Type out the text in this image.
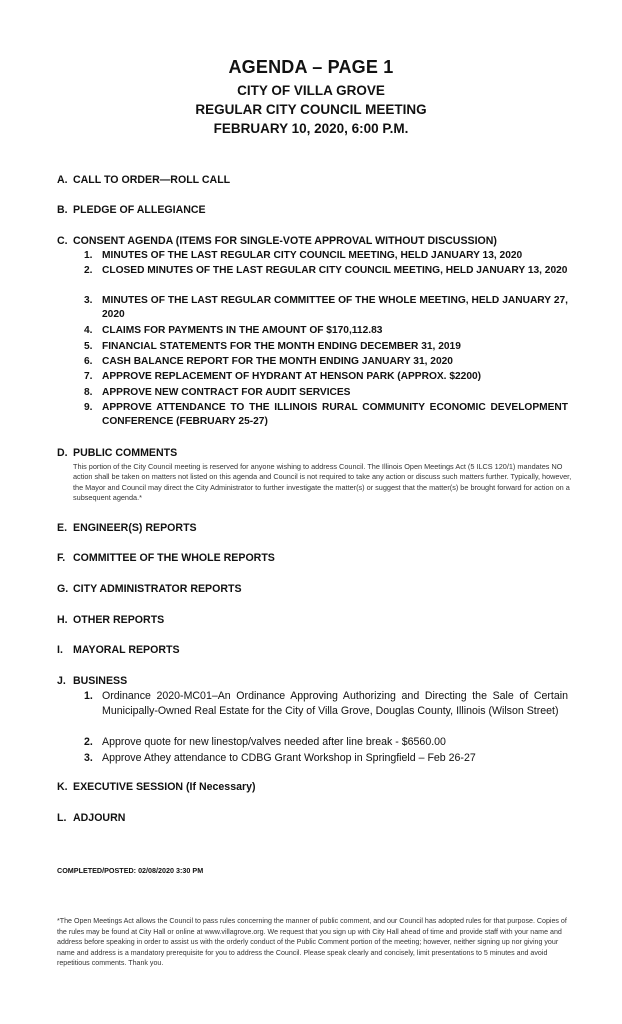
AGENDA – PAGE 1
CITY OF VILLA GROVE
REGULAR CITY COUNCIL MEETING
FEBRUARY 10, 2020, 6:00 P.M.
A. CALL TO ORDER—ROLL CALL
B. PLEDGE OF ALLEGIANCE
C. CONSENT AGENDA (ITEMS FOR SINGLE-VOTE APPROVAL WITHOUT DISCUSSION)
1. MINUTES OF THE LAST REGULAR CITY COUNCIL MEETING, HELD JANUARY 13, 2020
2. CLOSED MINUTES OF THE LAST REGULAR CITY COUNCIL MEETING, HELD JANUARY 13, 2020
3. MINUTES OF THE LAST REGULAR COMMITTEE OF THE WHOLE MEETING, HELD JANUARY 27, 2020
4. CLAIMS FOR PAYMENTS IN THE AMOUNT OF $170,112.83
5. FINANCIAL STATEMENTS FOR THE MONTH ENDING DECEMBER 31, 2019
6. CASH BALANCE REPORT FOR THE MONTH ENDING JANUARY 31, 2020
7. APPROVE REPLACEMENT OF HYDRANT AT HENSON PARK (APPROX. $2200)
8. APPROVE NEW CONTRACT FOR AUDIT SERVICES
9. APPROVE ATTENDANCE TO THE ILLINOIS RURAL COMMUNITY ECONOMIC DEVELOPMENT CONFERENCE (FEBRUARY 25-27)
D. PUBLIC COMMENTS
This portion of the City Council meeting is reserved for anyone wishing to address Council. The Illinois Open Meetings Act (5 ILCS 120/1) mandates NO action shall be taken on matters not listed on this agenda and Council is not required to take any action or discuss such matters further. Typically, however, the Mayor and Council may direct the City Administrator to further investigate the matter(s) or suggest that the matter(s) be brought forward for action on a subsequent agenda.*
E. ENGINEER(S) REPORTS
F. COMMITTEE OF THE WHOLE REPORTS
G. CITY ADMINISTRATOR REPORTS
H. OTHER REPORTS
I. MAYORAL REPORTS
J. BUSINESS
1. Ordinance 2020-MC01–An Ordinance Approving Authorizing and Directing the Sale of Certain Municipally-Owned Real Estate for the City of Villa Grove, Douglas County, Illinois (Wilson Street)
2. Approve quote for new linestop/valves needed after line break - $6560.00
3. Approve Athey attendance to CDBG Grant Workshop in Springfield – Feb 26-27
K. EXECUTIVE SESSION (If Necessary)
L. ADJOURN
COMPLETED/POSTED: 02/08/2020 3:30 PM
*The Open Meetings Act allows the Council to pass rules concerning the manner of public comment, and our Council has adopted rules for that purpose. Copies of the rules may be found at City Hall or online at www.villagrove.org. We request that you sign up with City Hall ahead of time and provide staff with your name and address before speaking in order to assist us with the orderly conduct of the Public Comment portion of the meeting; however, neither signing up nor giving your name and address is a mandatory prerequisite for you to address the Council. Please speak clearly and concisely, limit presentations to 5 minutes and avoid repetitious comments. Thank you.
